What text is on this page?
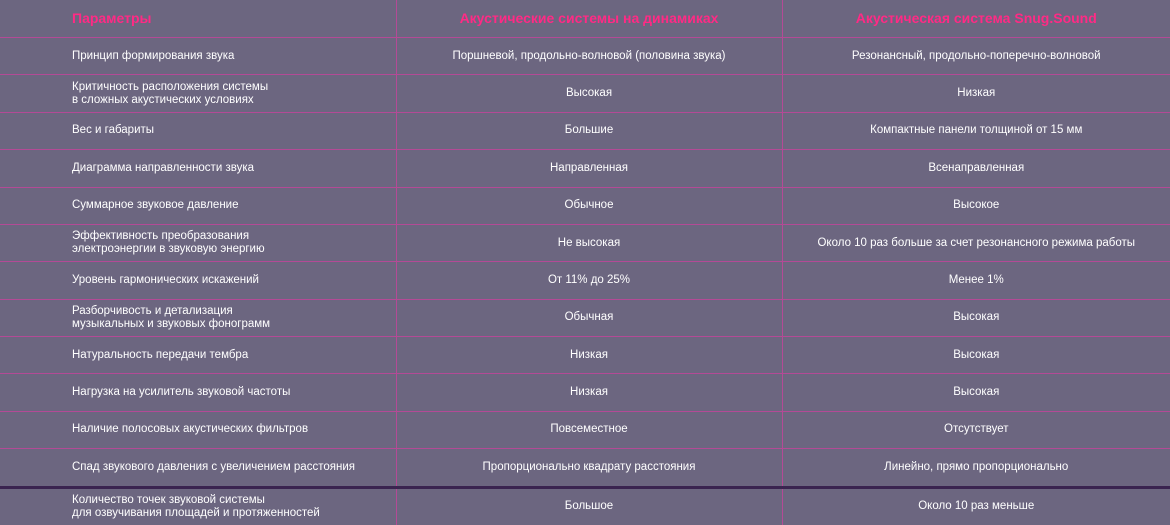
Параметры	Акустические системы на динамиках	Акустическая система Snug.Sound

Принцип формирования звука	Поршневой, продольно-волновой (половина звука)	Резонансный, продольно-поперечно-волновой

Критичность расположения системы
в сложных акустических условиях	Высокая	Низкая

Вес и габариты	Большие	Компактные панели толщиной от 15 мм

Диаграмма направленности звука	Направленная	Всенаправленная

Суммарное звуковое давление	Обычное	Высокое

Эффективность преобразования
электроэнергии в звуковую энергию	Не высокая	Около 10 раз больше за счет резонансного режима работы

Уровень гармонических искажений	От 11% до 25%	Менее 1%

Разборчивость и детализация
музыкальных и звуковых фонограмм	Обычная	Высокая

Натуральность передачи тембра	Низкая	Высокая

Нагрузка на усилитель звуковой частоты	Низкая	Высокая

Наличие полосовых акустических фильтров	Повсеместное	Отсутствует

Спад звукового давления с увеличением расстояния	Пропорционально квадрату расстояния	Линейно, прямо пропорционально

Количество точек звуковой системы
для озвучивания площадей и протяженностей	Большое	Около 10 раз меньше
